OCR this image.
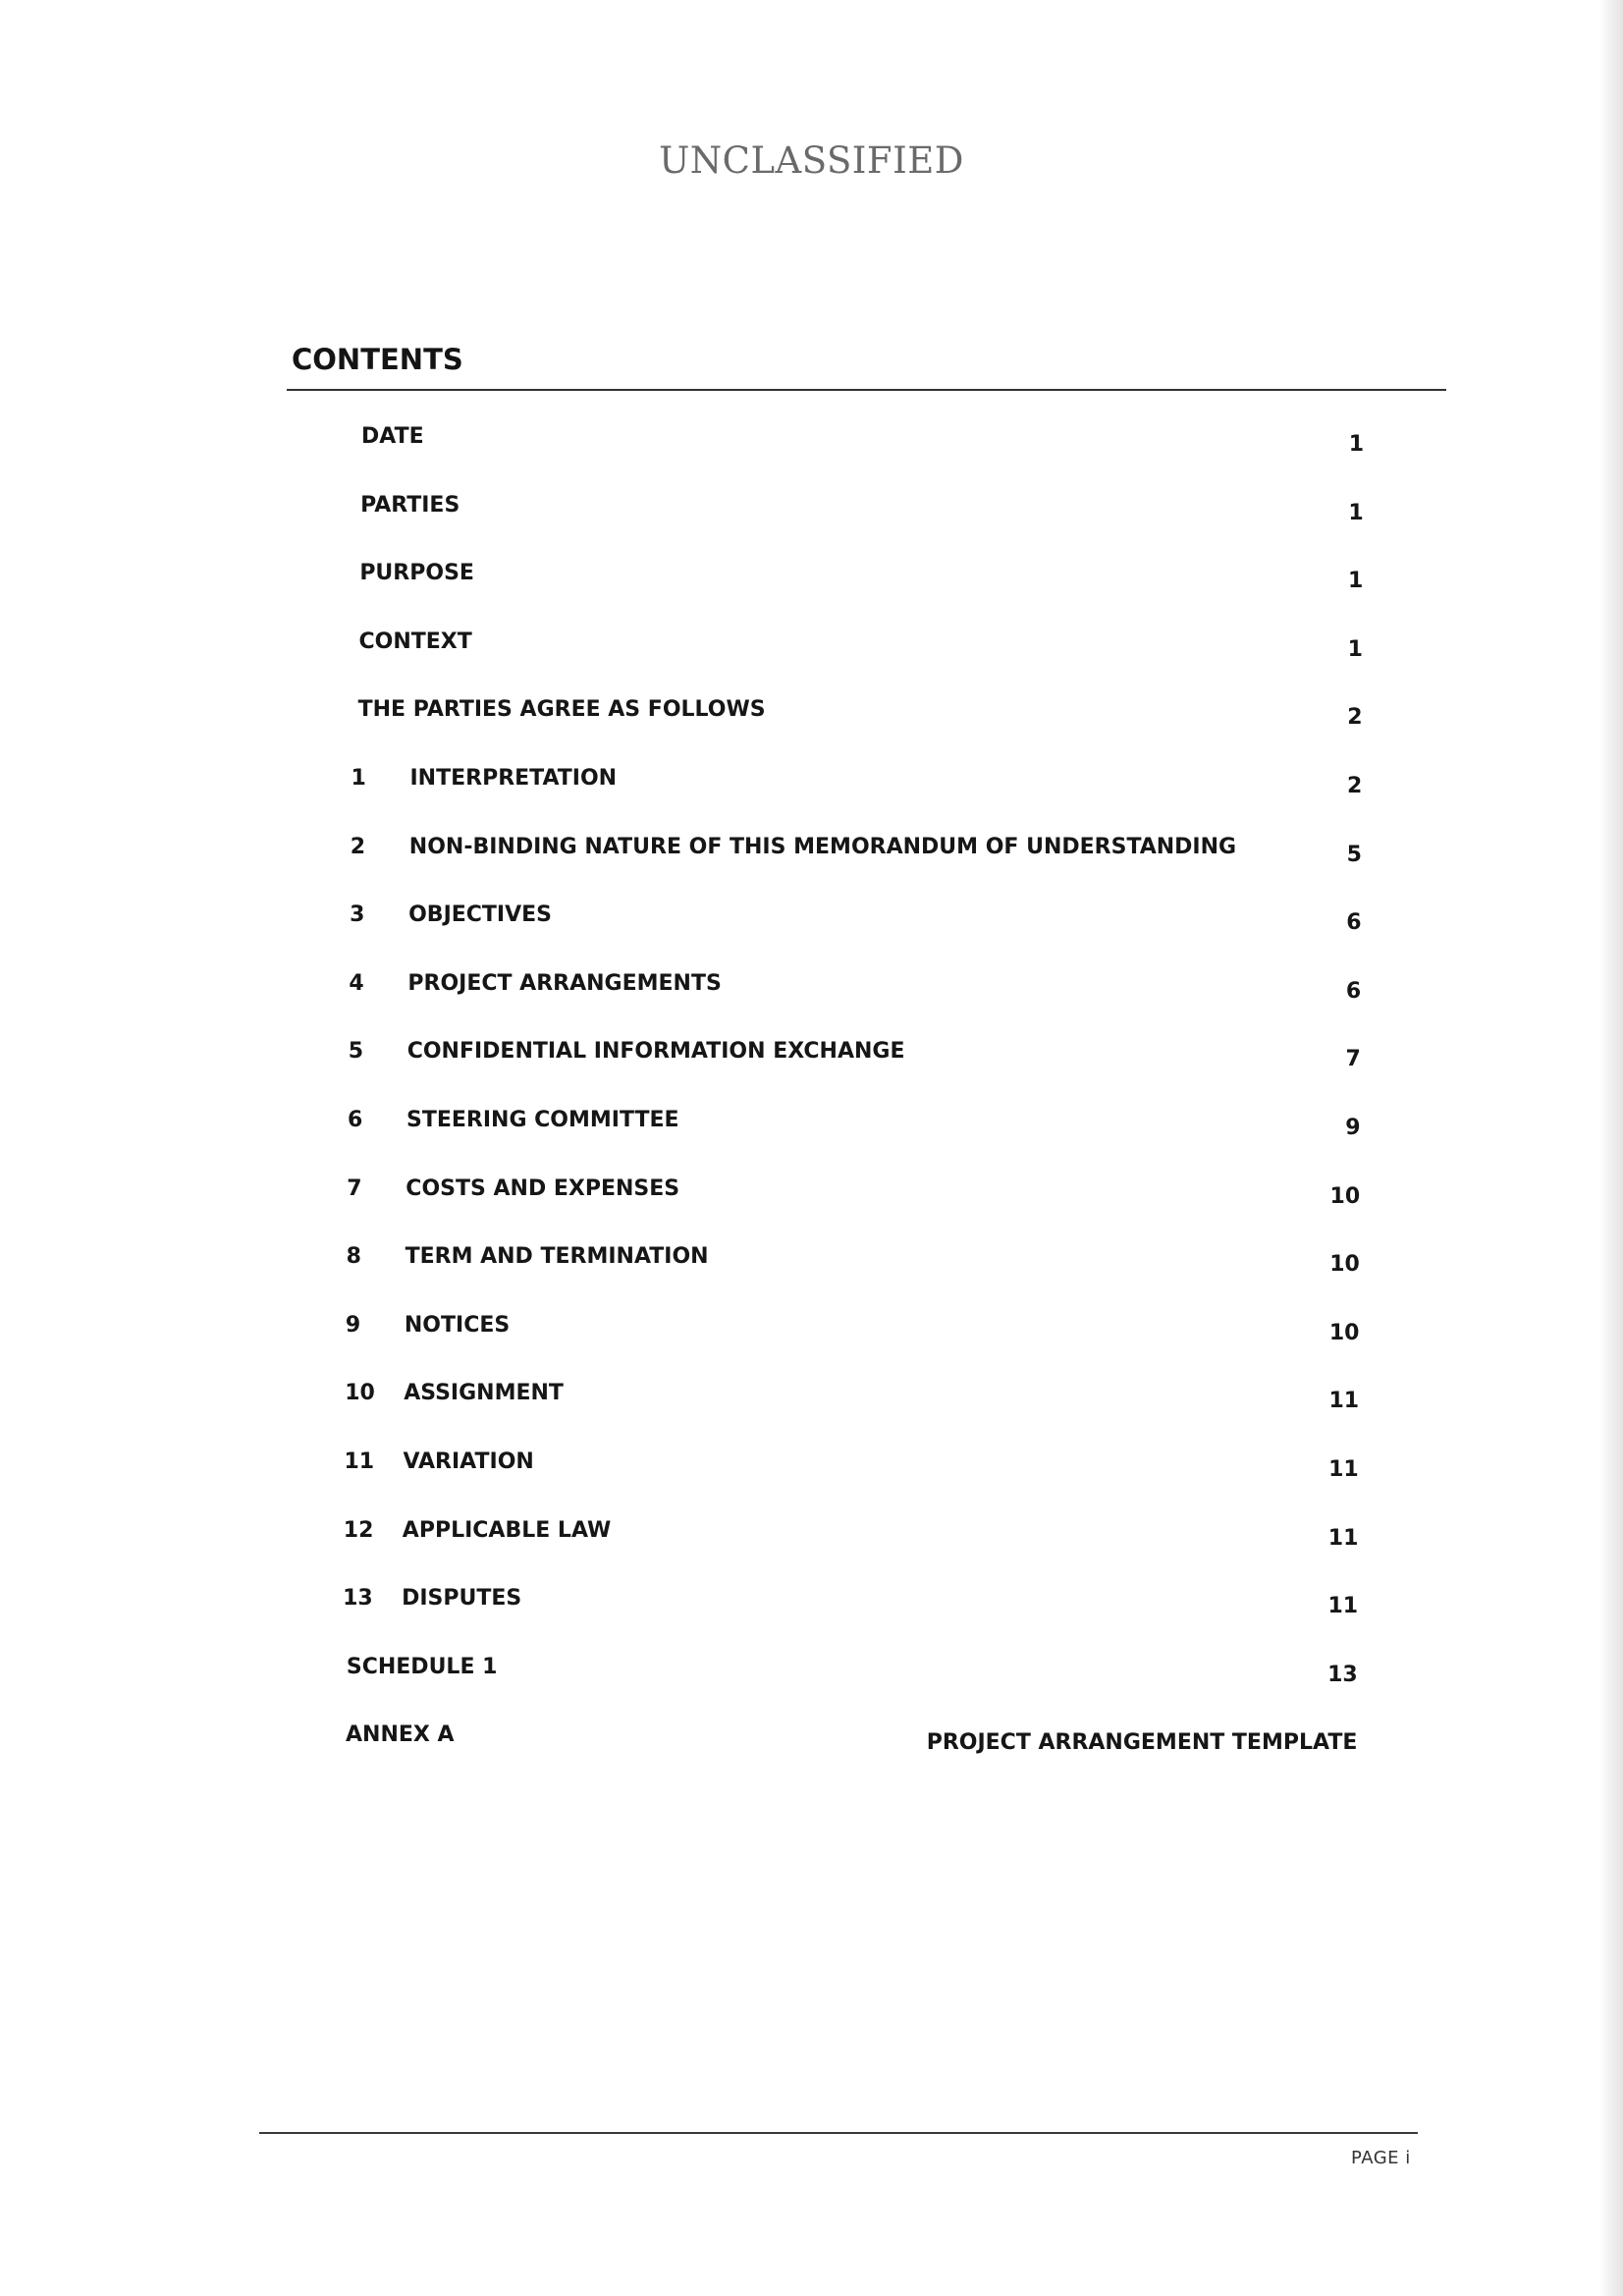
UNCLASSIFIED
CONTENTS
DATE	1
PARTIES	1
PURPOSE	1
CONTEXT	1
THE PARTIES AGREE AS FOLLOWS	2
1 INTERPRETATION	2
2 NON-BINDING NATURE OF THIS MEMORANDUM OF UNDERSTANDING	5
3 OBJECTIVES	6
4 PROJECT ARRANGEMENTS	6
5 CONFIDENTIAL INFORMATION EXCHANGE	7
6 STEERING COMMITTEE	9
7 COSTS AND EXPENSES	10
8 TERM AND TERMINATION	10
9 NOTICES	10
10 ASSIGNMENT	11
11 VARIATION	11
12 APPLICABLE LAW	11
13 DISPUTES	11
SCHEDULE 1	13
ANNEX A	PROJECT ARRANGEMENT TEMPLATE
PAGE i
